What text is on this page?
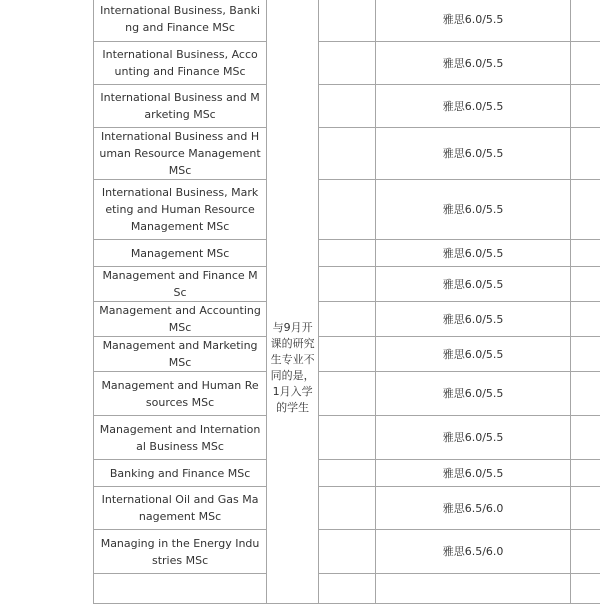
International Business, Banking and Finance MSc	与9月开课的研究生专业不同的是，1月入学的学生		雅思6.0/5.5	
International Business, Accounting and Finance MSc			雅思6.0/5.5	
International Business and Marketing MSc			雅思6.0/5.5	
International Business and Human Resource Management MSc			雅思6.0/5.5	
International Business, Marketing and Human Resource Management MSc			雅思6.0/5.5	
Management MSc			雅思6.0/5.5	
Management and Finance MSc			雅思6.0/5.5	
Management and Accounting MSc			雅思6.0/5.5	
Management and Marketing MSc			雅思6.0/5.5	
Management and Human Resources MSc			雅思6.0/5.5	
Management and International Business MSc			雅思6.0/5.5	
Banking and Finance MSc			雅思6.0/5.5	
International Oil and Gas Management MSc			雅思6.5/6.0	
Managing in the Energy Industries MSc			雅思6.5/6.0	
